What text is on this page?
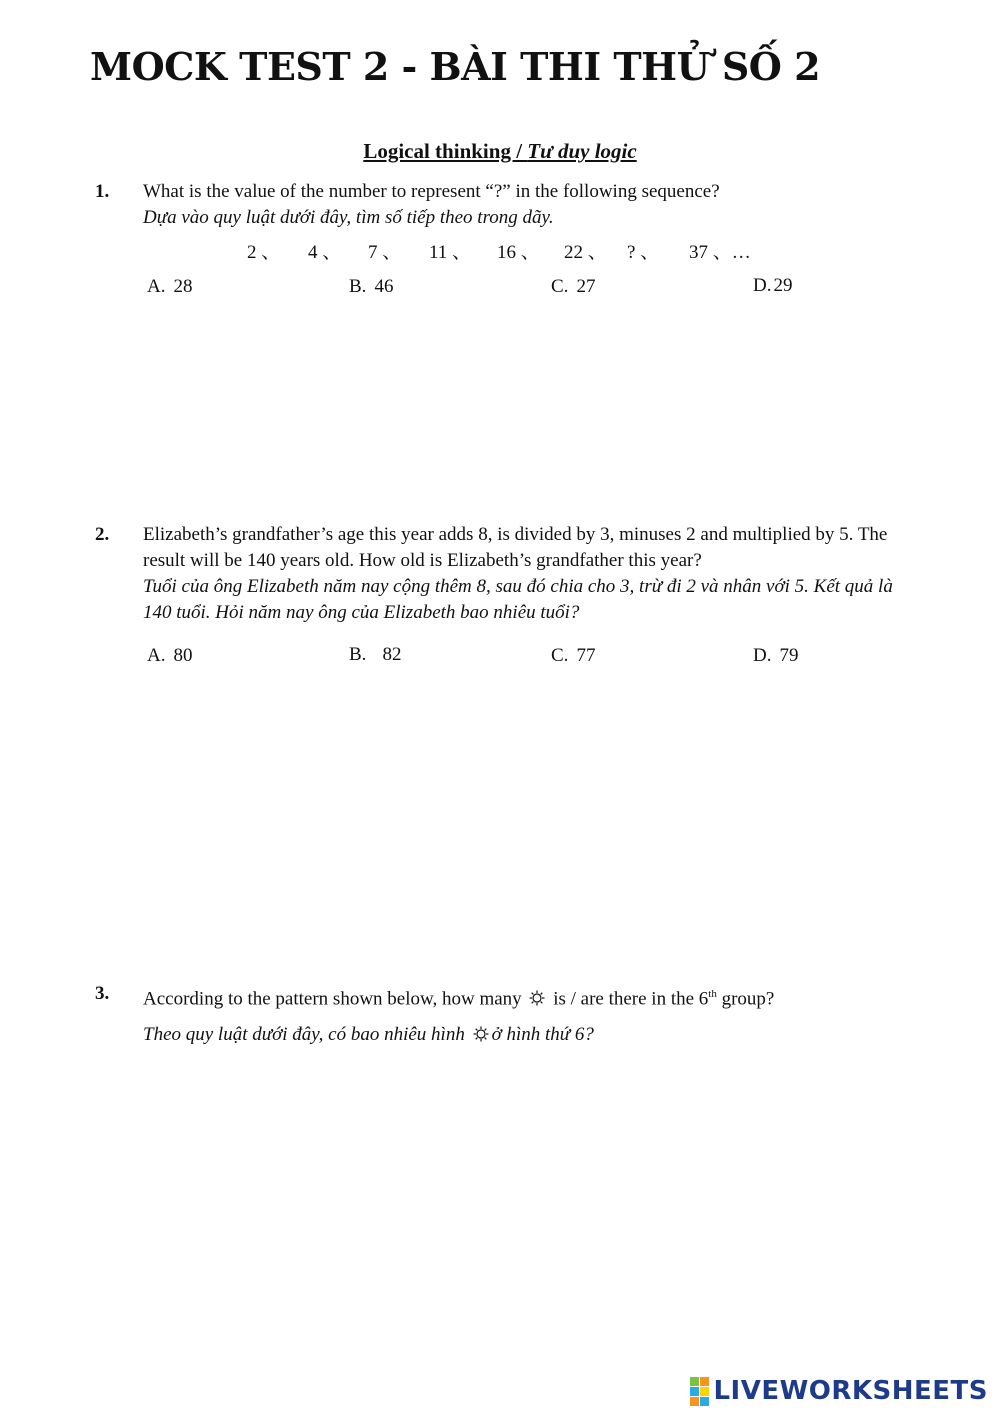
MOCK TEST 2 - BÀI THI THỬ SỐ 2
Logical thinking / Tư duy logic
1. What is the value of the number to represent “?” in the following sequence?
Dựa vào quy luật dưới đây, tìm số tiếp theo trong dãy.
2 、 4 、 7 、 11 、 16 、 22 、 ? 、 37 、…
A. 28	B. 46	C. 27	D. 29
2. Elizabeth’s grandfather’s age this year adds 8, is divided by 3, minuses 2 and multiplied by 5. The result will be 140 years old. How old is Elizabeth’s grandfather this year?
Tuổi của ông Elizabeth năm nay cộng thêm 8, sau đó chia cho 3, trừ đi 2 và nhân với 5. Kết quả là 140 tuổi. Hỏi năm nay ông của Elizabeth bao nhiêu tuổi?
A. 80	B. 82	C. 77	D. 79
3. According to the pattern shown below, how many is / are there in the 6th group?
Theo quy luật dưới đây, có bao nhiêu hình ở hình thứ 6?
LIVEWORKSHEETS
